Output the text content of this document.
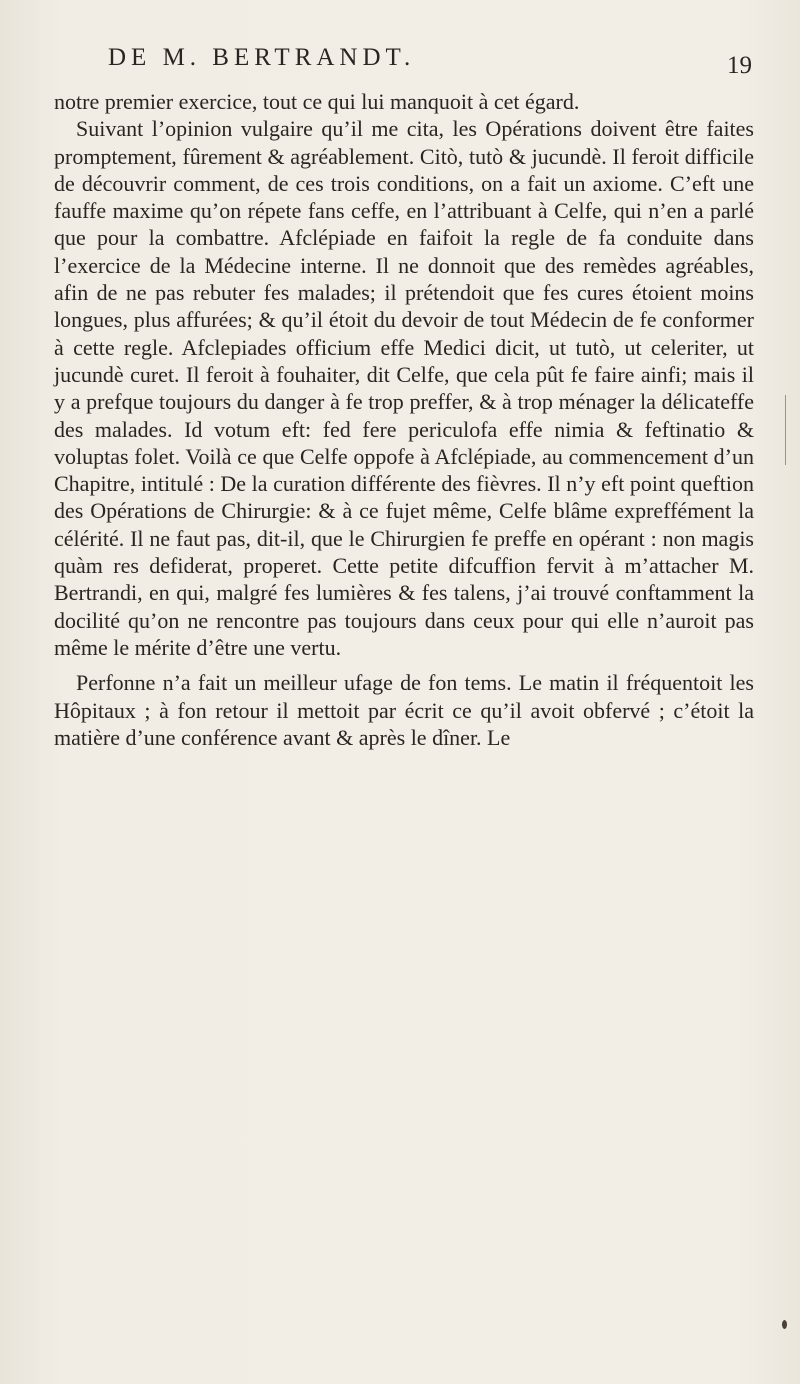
DE M. BERTRANDT.	19

notre premier exercice, tout ce qui lui manquoit à cet égard.

Suivant l’opinion vulgaire qu’il me cita, les Opérations doivent être faites promptement, fûrement & agréablement. Citò, tutò & jucundè. Il feroit difficile de découvrir comment, de ces trois conditions, on a fait un axiome. C’eft une fauffe maxime qu’on répete fans ceffe, en l’attribuant à Celfe, qui n’en a parlé que pour la combattre. Afclépiade en faifoit la regle de fa conduite dans l’exercice de la Médecine interne. Il ne donnoit que des remèdes agréables, afin de ne pas rebuter fes malades; il prétendoit que fes cures étoient moins longues, plus affurées; & qu’il étoit du devoir de tout Médecin de fe conformer à cette regle. Afclepiades officium effe Medici dicit, ut tutò, ut celeriter, ut jucundè curet. Il feroit à fouhaiter, dit Celfe, que cela pût fe faire ainfi; mais il y a prefque toujours du danger à fe trop preffer, & à trop ménager la délicateffe des malades. Id votum eft: fed fere periculofa effe nimia & feftinatio & voluptas folet. Voilà ce que Celfe oppofe à Afclépiade, au commencement d’un Chapitre, intitulé : De la curation différente des fièvres. Il n’y eft point queftion des Opérations de Chirurgie: & à ce fujet même, Celfe blâme expreffément la célérité. Il ne faut pas, dit-il, que le Chirurgien fe preffe en opérant : non magis quàm res defiderat, properet. Cette petite difcuffion fervit à m’attacher M. Bertrandi, en qui, malgré fes lumières & fes talens, j’ai trouvé conftamment la docilité qu’on ne rencontre pas toujours dans ceux pour qui elle n’auroit pas même le mérite d’être une vertu.

Perfonne n’a fait un meilleur ufage de fon tems. Le matin il fréquentoit les Hôpitaux ; à fon retour il mettoit par écrit ce qu’il avoit obfervé ; c’étoit la matière d’une conférence avant & après le dîner. Le
